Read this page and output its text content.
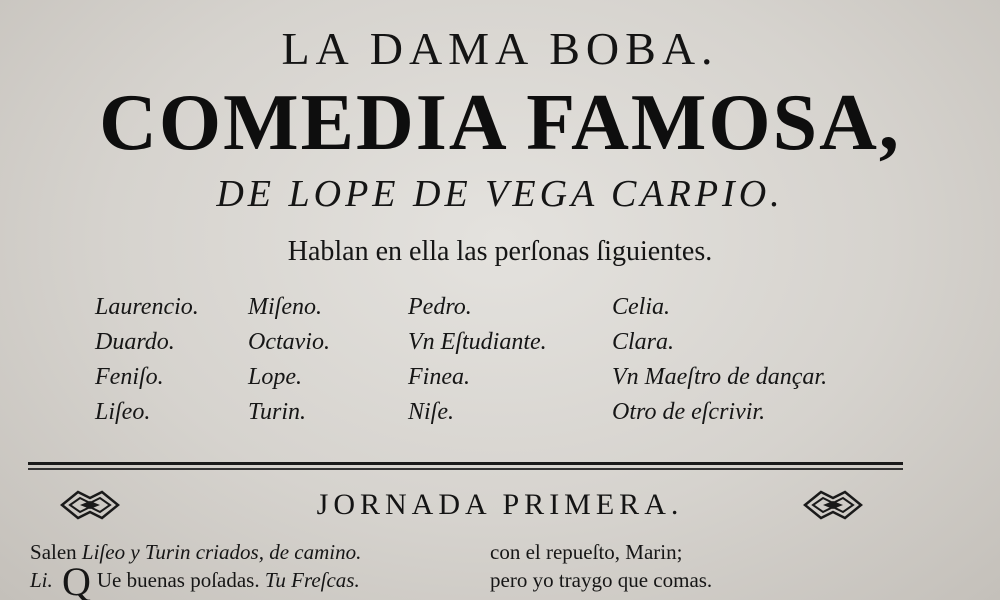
LA DAMA BOBA.
COMEDIA FAMOSA,
DE LOPE DE VEGA CARPIO.
Hablan en ella las perſonas ſiguientes.
Laurencio.
Duardo.
Feniſo.
Liſeo.
Miſeno.
Octavio.
Lope.
Turin.
Pedro.
Vn Eſtudiante.
Finea.
Niſe.
Celia.
Clara.
Vn Maeſtro de dançar.
Otro de eſcrivir.
JORNADA PRIMERA.
Salen Liſeo y Turin criados, de camino.
Li. Q Ue buenas poſadas. Tu Freſcas.
con el repueſto, Marin;
pero yo traygo que comas.
